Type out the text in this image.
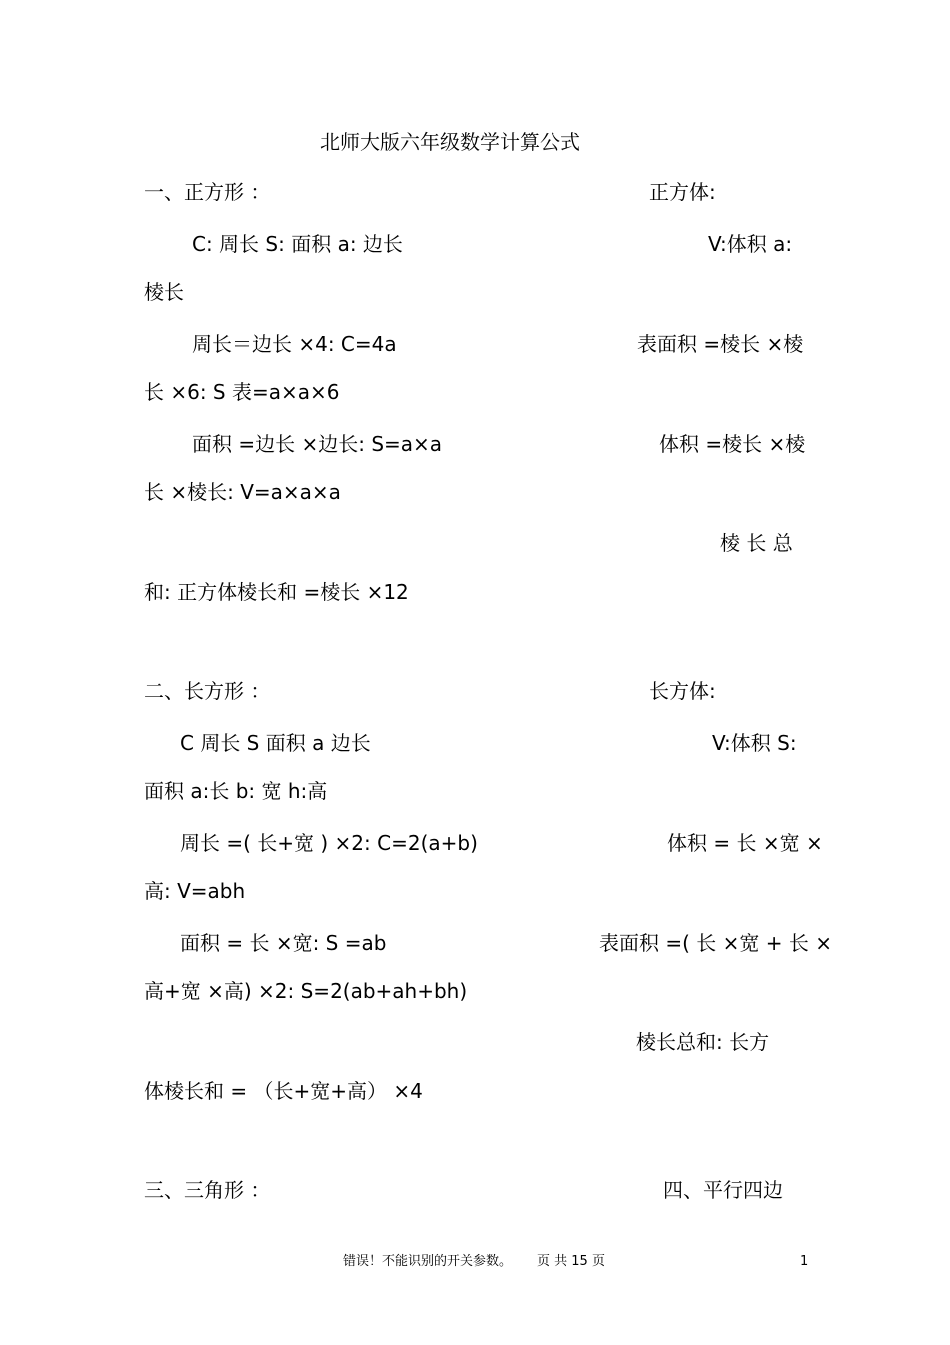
北师大版六年级数学计算公式
一、正方形 ：	正方体:
C: 周长 S: 面积 a: 边长	V:体积 a:
棱长
周长＝边长 ×4: C=4a	表面积 =棱长 ×棱
长 ×6: S 表=a×a×6
面积 =边长 ×边长: S=a×a	体积 =棱长 ×棱
长 ×棱长: V=a×a×a
棱 长 总
和: 正方体棱长和 =棱长 ×12
二、长方形 ：	长方体:
C 周长 S 面积 a 边长	V:体积 S:
面积 a:长 b: 宽 h:高
周长 =( 长+宽 ) ×2: C=2(a+b)	体积 = 长 ×宽 ×
高: V=abh
面积 = 长 ×宽: S =ab	表面积 =( 长 ×宽 + 长 ×
高+宽 ×高) ×2: S=2(ab+ah+bh)
棱长总和: 长方
体棱长和 = （长+宽+高） ×4
三、三角形 ：	四、平行四边
错误！不能识别的开关参数。 页 共 15 页	1
